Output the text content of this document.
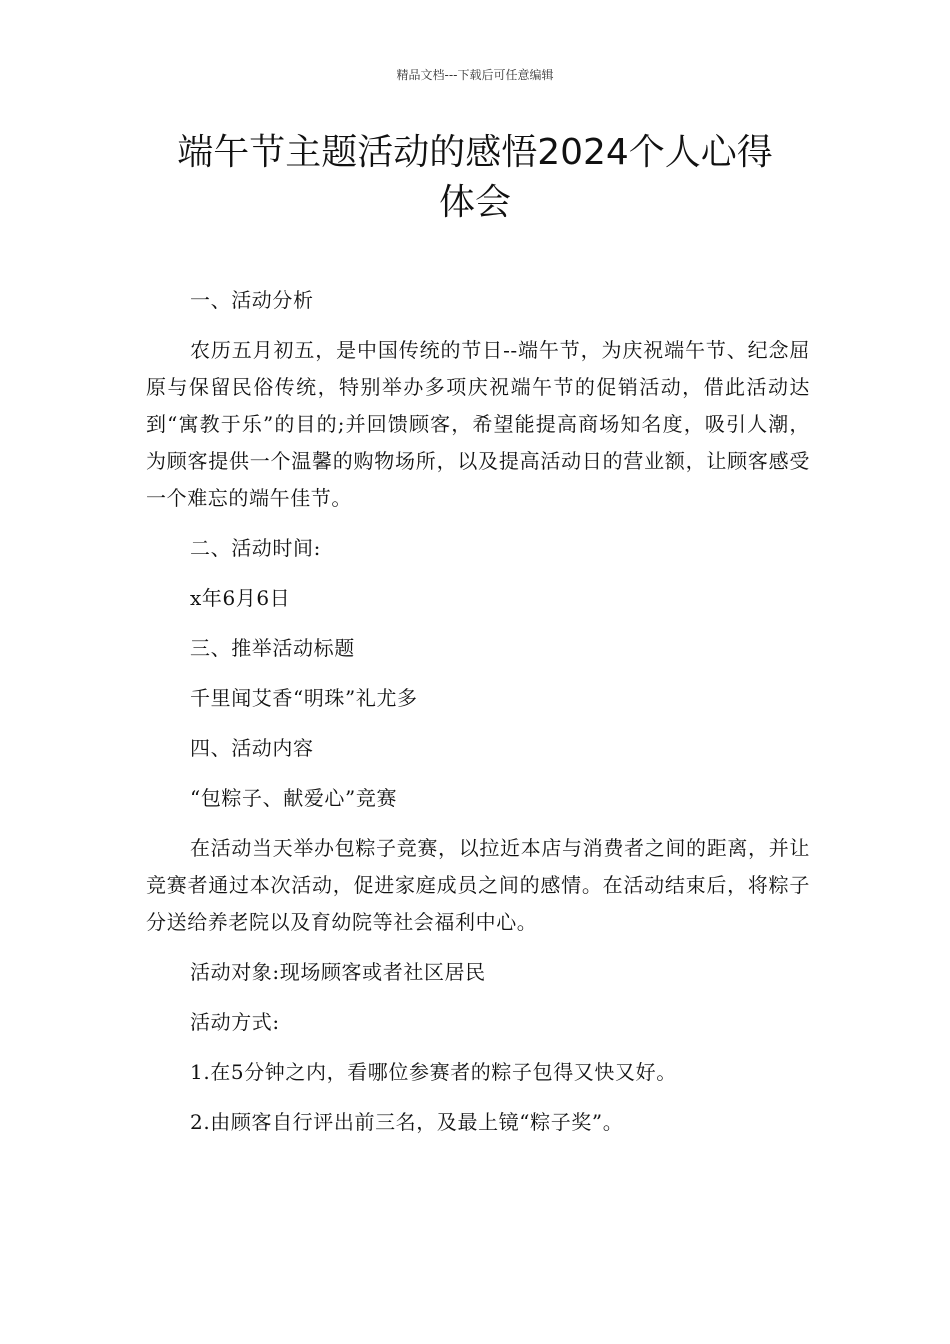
精品文档---下载后可任意编辑
端午节主题活动的感悟2024个人心得
体会

一、活动分析

农历五月初五，是中国传统的节日--端午节，为庆祝端午节、纪念屈原与保留民俗传统，特别举办多项庆祝端午节的促销活动，借此活动达到“寓教于乐”的目的;并回馈顾客，希望能提高商场知名度，吸引人潮，为顾客提供一个温馨的购物场所，以及提高活动日的营业额，让顾客感受一个难忘的端午佳节。

二、活动时间:

x年6月6日

三、推举活动标题

千里闻艾香“明珠”礼尤多

四、活动内容

“包粽子、献爱心”竞赛

在活动当天举办包粽子竞赛，以拉近本店与消费者之间的距离，并让竞赛者通过本次活动，促进家庭成员之间的感情。在活动结束后，将粽子分送给养老院以及育幼院等社会福利中心。

活动对象:现场顾客或者社区居民

活动方式:

1.在5分钟之内，看哪位参赛者的粽子包得又快又好。

2.由顾客自行评出前三名，及最上镜“粽子奖”。
